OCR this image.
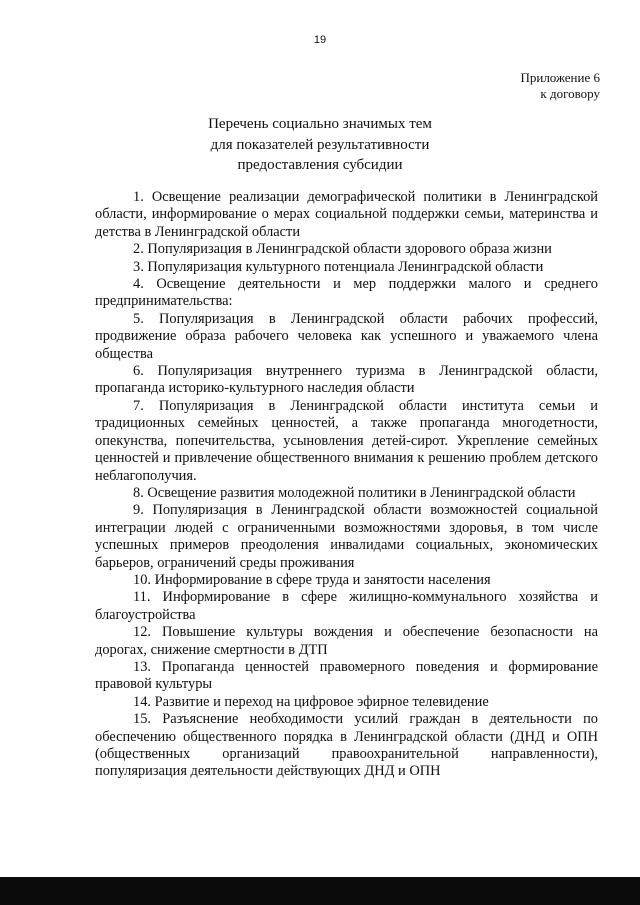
19
Приложение 6
к договору
Перечень социально значимых тем
для показателей результативности
предоставления субсидии

1. Освещение реализации демографической политики в Ленинградской области, информирование о мерах социальной поддержки семьи, материнства и детства в Ленинградской области

2. Популяризация в Ленинградской области здорового образа жизни

3. Популяризация культурного потенциала Ленинградской области

4. Освещение деятельности и мер поддержки малого и среднего предпринимательства:

5. Популяризация в Ленинградской области рабочих профессий, продвижение образа рабочего человека как успешного и уважаемого члена общества

6. Популяризация внутреннего туризма в Ленинградской области, пропаганда историко-культурного наследия области

7. Популяризация в Ленинградской области института семьи и традиционных семейных ценностей, а также пропаганда многодетности, опекунства, попечительства, усыновления детей-сирот. Укрепление семейных ценностей и привлечение общественного внимания к решению проблем детского неблагополучия.

8. Освещение развития молодежной политики в Ленинградской области

9. Популяризация в Ленинградской области возможностей социальной интеграции людей с ограниченными возможностями здоровья, в том числе успешных примеров преодоления инвалидами социальных, экономических барьеров, ограничений среды проживания

10. Информирование в сфере труда и занятости населения

11. Информирование в сфере жилищно-коммунального хозяйства и благоустройства

12. Повышение культуры вождения и обеспечение безопасности на дорогах, снижение смертности в ДТП

13. Пропаганда ценностей правомерного поведения и формирование правовой культуры

14. Развитие и переход на цифровое эфирное телевидение

15. Разъяснение необходимости усилий граждан в деятельности по обеспечению общественного порядка в Ленинградской области (ДНД и ОПН (общественных организаций правоохранительной направленности), популяризация деятельности действующих ДНД и ОПН
